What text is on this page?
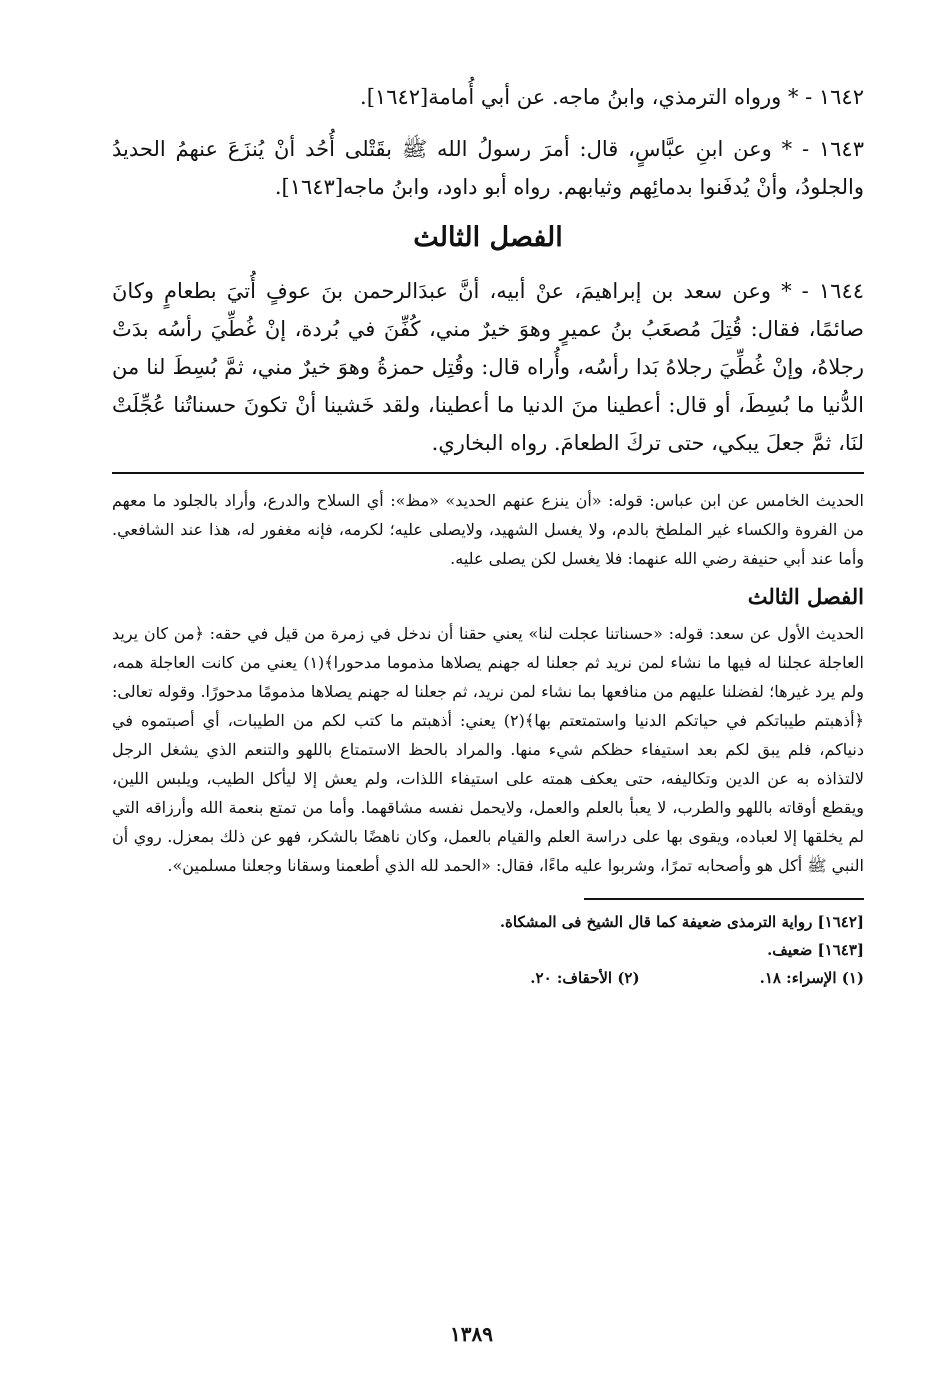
١٦٤٢ - * ورواه الترمذي، وابنُ ماجه. عن أبي أُمامة[١٦٤٢].

١٦٤٣ - * وعن ابنِ عبَّاسٍ، قال: أمرَ رسولُ الله ﷺ بقَتْلى أُحُد أنْ يُنزَعَ عنهمُ الحديدُ والجلودُ، وأنْ يُدفَنوا بدمائِهم وثيابهم. رواه أبو داود، وابنُ ماجه[١٦٤٣].

الفصل الثالث

١٦٤٤ - * وعن سعد بن إبراهيمَ، عنْ أبيه، أنَّ عبدَالرحمن بنَ عوفٍ أُتيَ بطعامٍ وكانَ صائمًا، فقال: قُتِلَ مُصعَبُ بنُ عميرٍ وهوَ خيرٌ مني، كُفِّنَ في بُردة، إنْ غُطِّيَ رأسُه بدَتْ رجلاهُ، وإنْ غُطِّيَ رجلاهُ بَدا رأسُه، وأُراه قال: وقُتِل حمزةُ وهوَ خيرٌ مني، ثمَّ بُسِطَ لنا من الدُّنيا ما بُسِطَ، أو قال: أعطينا منَ الدنيا ما أعطينا، ولقد خَشينا أنْ تكونَ حسناتُنا عُجِّلَتْ لنَا، ثمَّ جعلَ يبكي، حتى تركَ الطعامَ. رواه البخاري.

الحديث الخامس عن ابن عباس: قوله: «أن ينزع عنهم الحديد» «مظ»: أي السلاح والدرع، وأراد بالجلود ما معهم من الفروة والكساء غير الملطخ بالدم، ولا يغسل الشهيد، ولايصلى عليه؛ لكرمه، فإنه مغفور له، هذا عند الشافعي. وأما عند أبي حنيفة رضي الله عنهما: فلا يغسل لكن يصلى عليه.

الفصل الثالث

الحديث الأول عن سعد: قوله: «حسناتنا عجلت لنا» يعني حقنا أن ندخل في زمرة من قيل في حقه: ﴿من كان يريد العاجلة عجلنا له فيها ما نشاء لمن نريد ثم جعلنا له جهنم يصلاها مذموما مدحورا﴾(١) يعني من كانت العاجلة همه، ولم يرد غيرها؛ لفضلنا عليهم من منافعها بما نشاء لمن نريد، ثم جعلنا له جهنم يصلاها مذمومًا مدحورًا. وقوله تعالى: ﴿أذهبتم طيباتكم في حياتكم الدنيا واستمتعتم بها﴾(٢) يعني: أذهبتم ما كتب لكم من الطيبات، أي أصبتموه في دنياكم، فلم يبق لكم بعد استيفاء حظكم شيء منها. والمراد بالحظ الاستمتاع باللهو والتنعم الذي يشغل الرجل لالتذاذه به عن الدين وتكاليفه، حتى يعكف همته على استيفاء اللذات، ولم يعش إلا ليأكل الطيب، ويلبس اللين، ويقطع أوقاته باللهو والطرب، لا يعبأ بالعلم والعمل، ولايحمل نفسه مشاقهما. وأما من تمتع بنعمة الله وأرزاقه التي لم يخلقها إلا لعباده، ويقوى بها على دراسة العلم والقيام بالعمل، وكان ناهضًا بالشكر، فهو عن ذلك بمعزل. روي أن النبي ﷺ أكل هو وأصحابه تمرًا، وشربوا عليه ماءًا، فقال: «الحمد لله الذي أطعمنا وسقانا وجعلنا مسلمين».

[١٦٤٢] رواية الترمذى ضعيفة كما قال الشيخ فى المشكاة.
[١٦٤٣] ضعيف.
(١) الإسراء: ١٨.
(٢) الأحقاف: ٢٠.
١٣٨٩
